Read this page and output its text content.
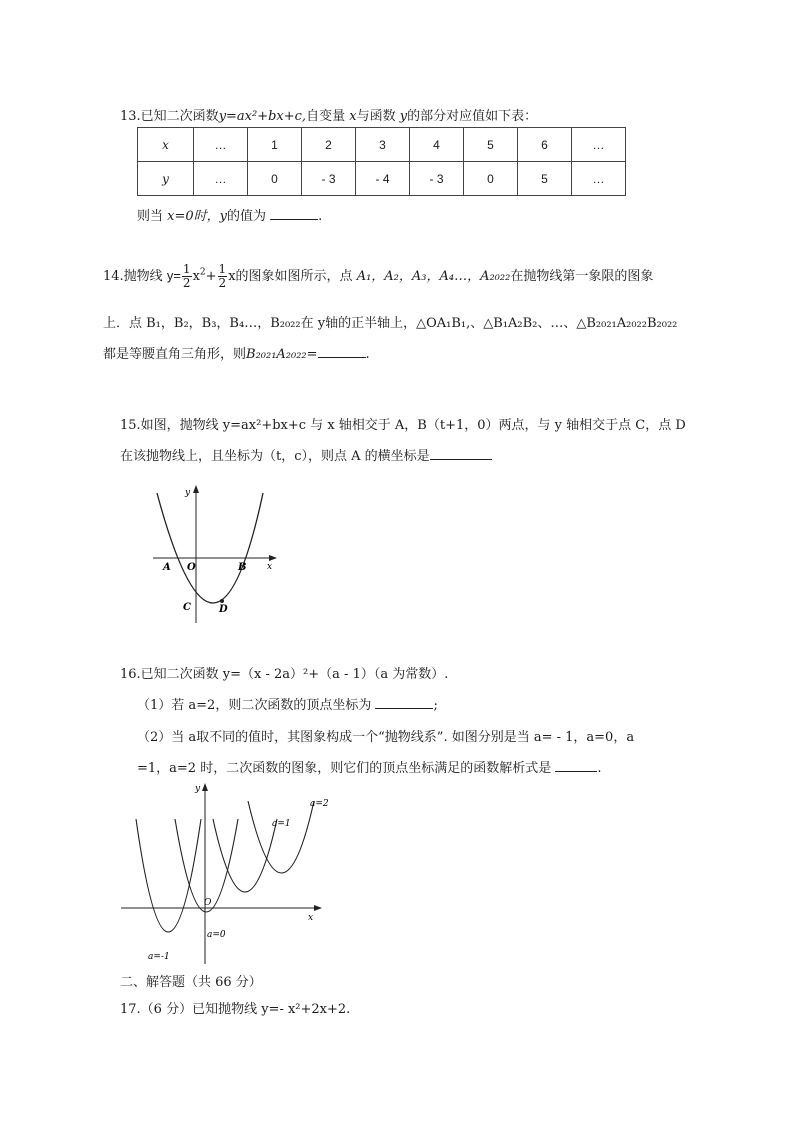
13.已知二次函数y=ax²+bx+c,自变量 x与函数 y的部分对应值如下表：
x	…	1	2	3	4	5	6	…
y	…	0	- 3	- 4	- 3	0	5	…
则当 x=0时，y的值为	.
14.抛物线 $y= \frac{1}{2} x^2+ \frac{1}{2}$ x的图象如图所示，点 A₁，A₂，A₃，A₄…，A₂₀₂₂在抛物线第一象限的图象
上．点 B₁，B₂，B₃，B₄…，B₂₀₂₂在 y轴的正半轴上，△OA₁B₁,、△B₁A₂B₂、…、△B₂₀₂₁A₂₀₂₂B₂₀₂₂
都是等腰直角三角形，则B₂₀₂₁A₂₀₂₂=	.
15.如图，抛物线 y=ax²+bx+c 与 x 轴相交于 A，B（t+1，0）两点，与 y 轴相交于点 C，点 D
在该抛物线上，且坐标为（t，c），则点 A 的横坐标是
y
x
A O	B
C	D
16.已知二次函数 y=（x - 2a）²+（a - 1）（a 为常数）.
（1）若 a=2，则二次函数的顶点坐标为	;
（2）当 a取不同的值时，其图象构成一个“抛物线系”. 如图分别是当 a= - 1，a=0，a
=1，a=2 时，二次函数的图象，则它们的顶点坐标满足的函数解析式是	.
y
x
O
a=-1
a=0
a=1
a=2
二、解答题（共 66 分）
17.（6 分）已知抛物线 y=- x²+2x+2.
